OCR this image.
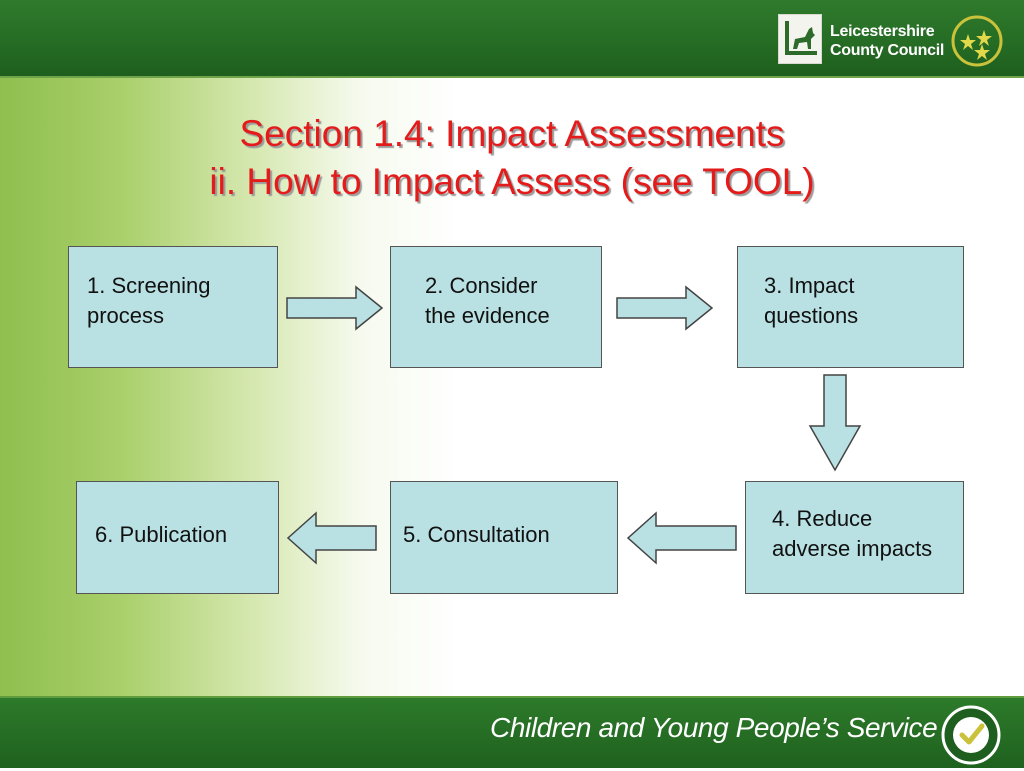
Leicestershire
County Council
Section 1.4: Impact Assessments
ii. How to Impact Assess (see TOOL)
1. Screening
process
2. Consider
the evidence
3. Impact
questions
4. Reduce
adverse impacts
5. Consultation
6. Publication
Children and Young People’s Service
